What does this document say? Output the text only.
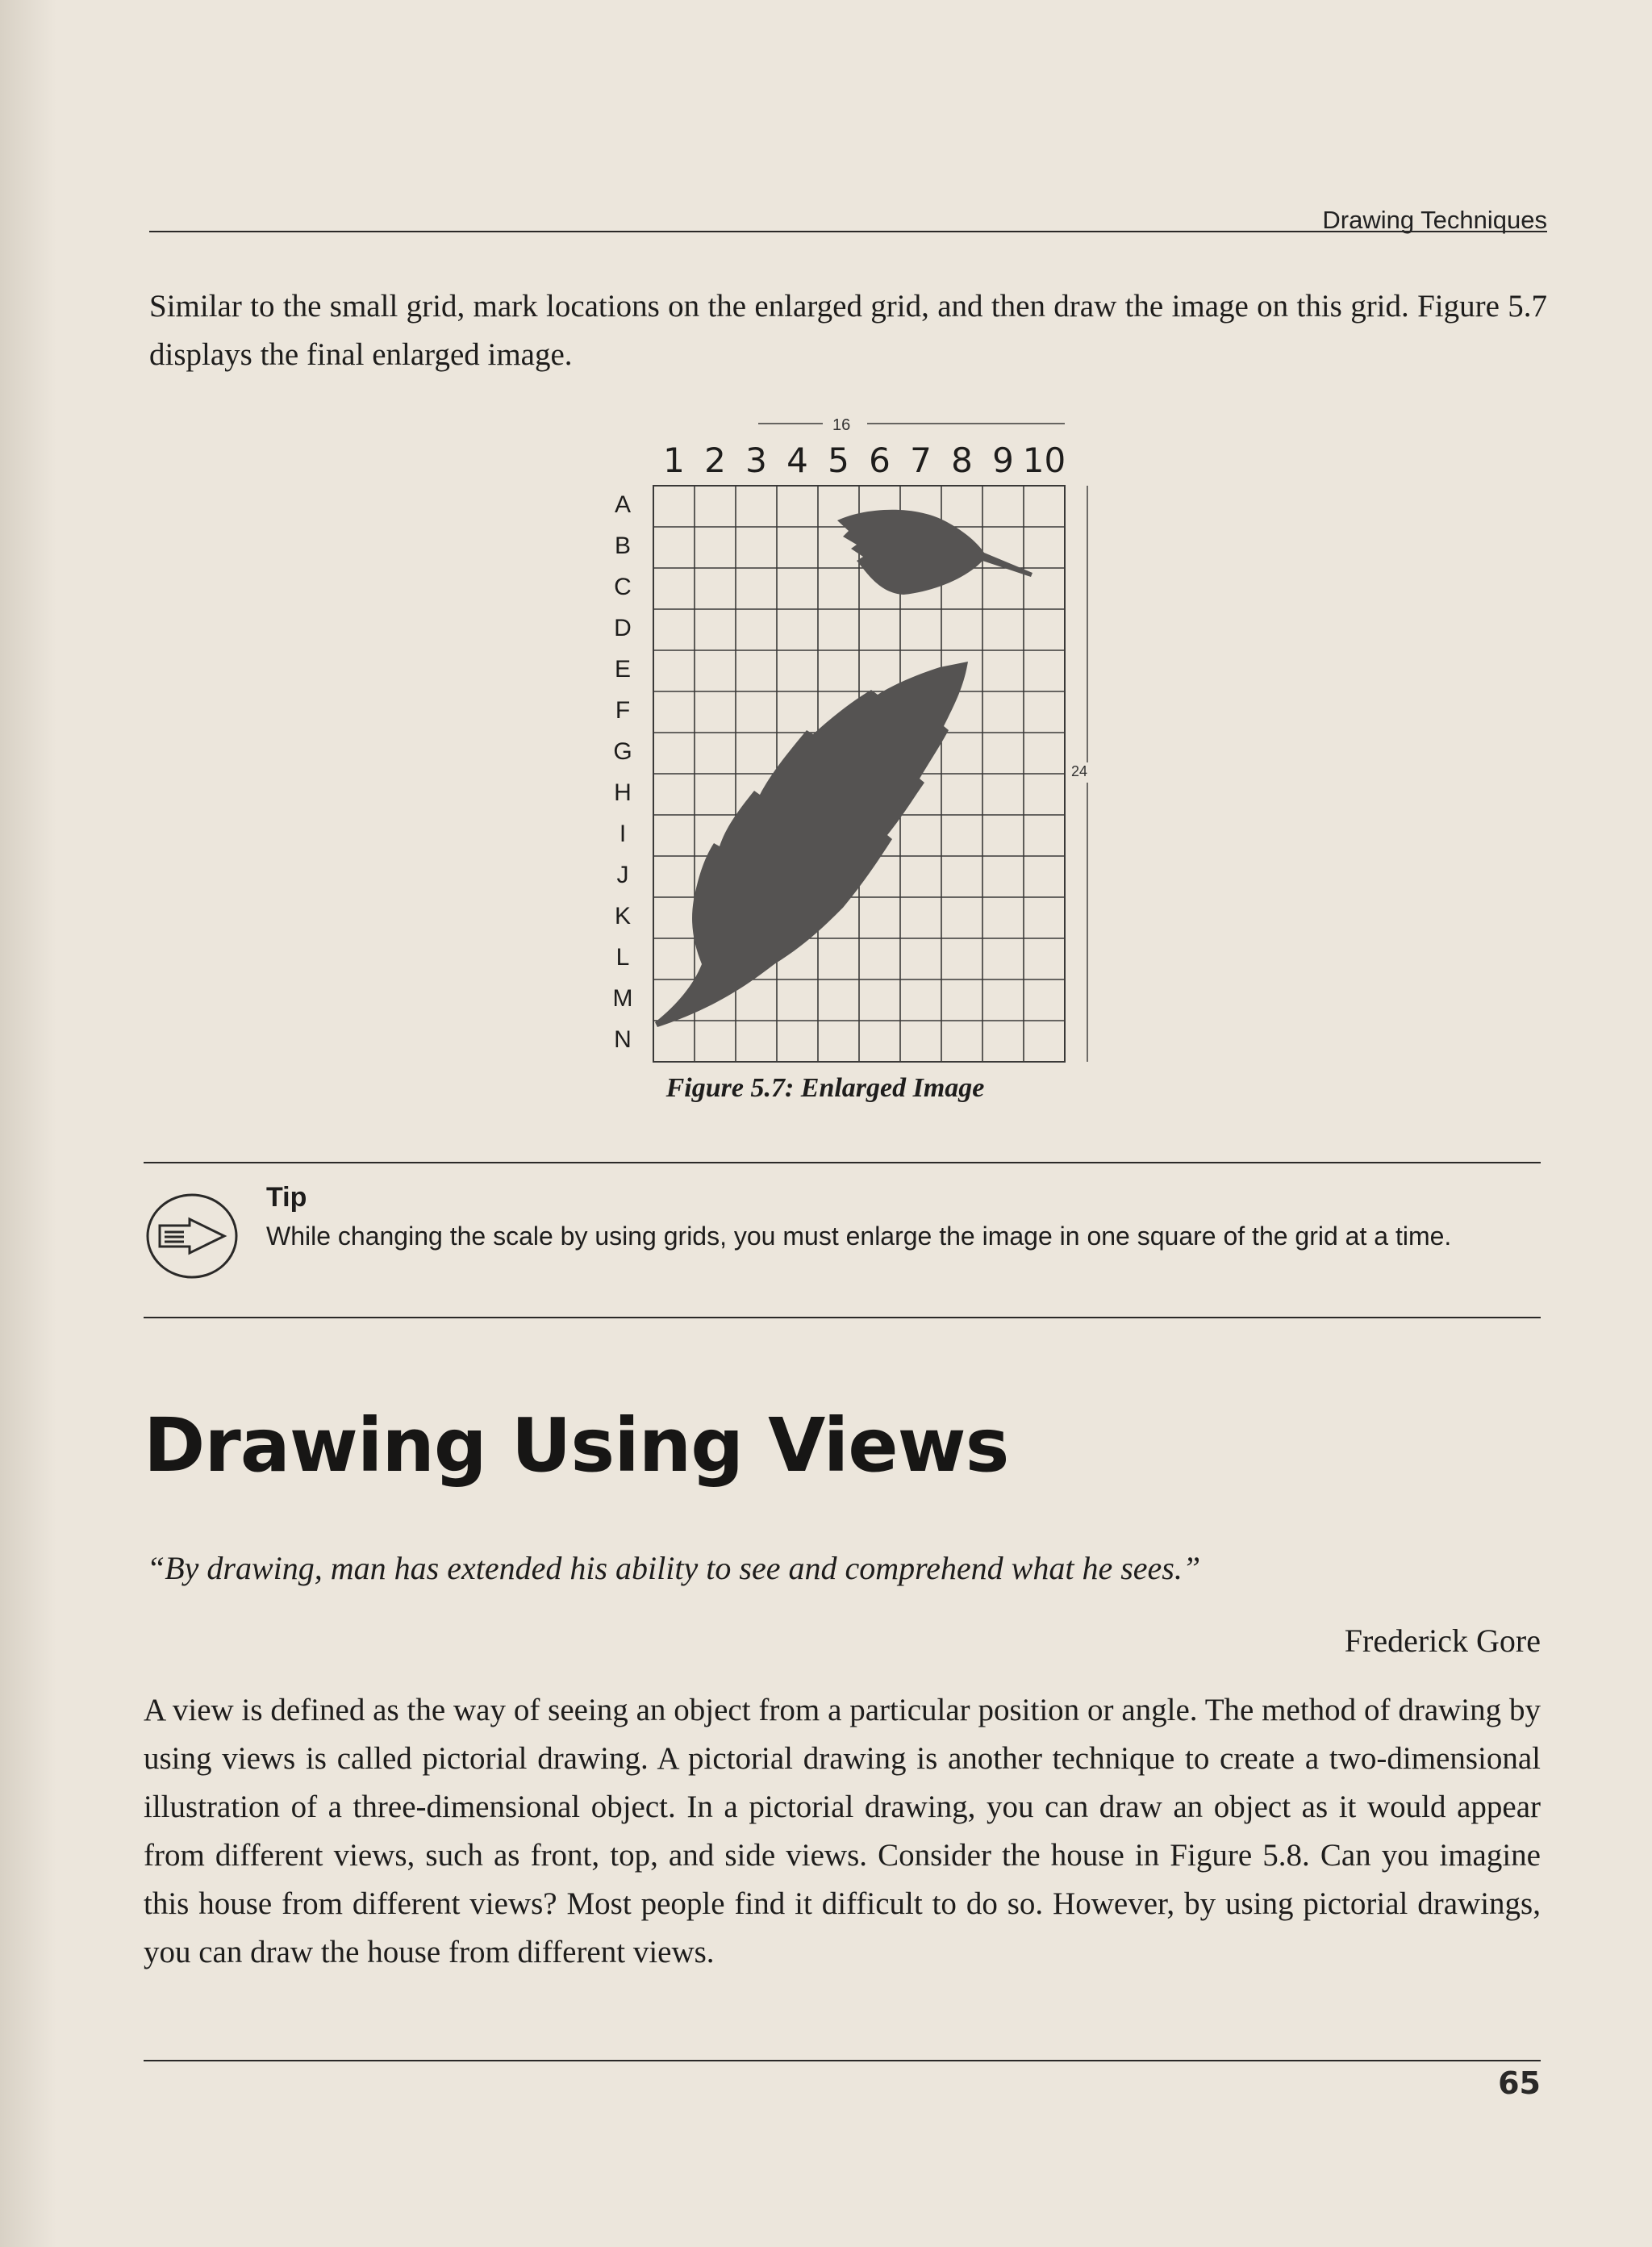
Drawing Techniques
Similar to the small grid, mark locations on the enlarged grid, and then draw the image on this grid. Figure 5.7 displays the final enlarged image.
1 2 3 4 5 6 7 8 9 10
A
B
C
D
E
F
G
H
I
J
K
L
M
N
16
24
Figure 5.7: Enlarged Image
Tip
While changing the scale by using grids, you must enlarge the image in one square of the grid at a time.
Drawing Using Views
“By drawing, man has extended his ability to see and comprehend what he sees.”
Frederick Gore
A view is defined as the way of seeing an object from a particular position or angle. The method of drawing by using views is called pictorial drawing. A pictorial drawing is another technique to create a two-dimensional illustration of a three-dimensional object. In a pictorial drawing, you can draw an object as it would appear from different views, such as front, top, and side views. Consider the house in Figure 5.8. Can you imagine this house from different views? Most people find it difficult to do so. However, by using pictorial drawings, you can draw the house from different views.
65
